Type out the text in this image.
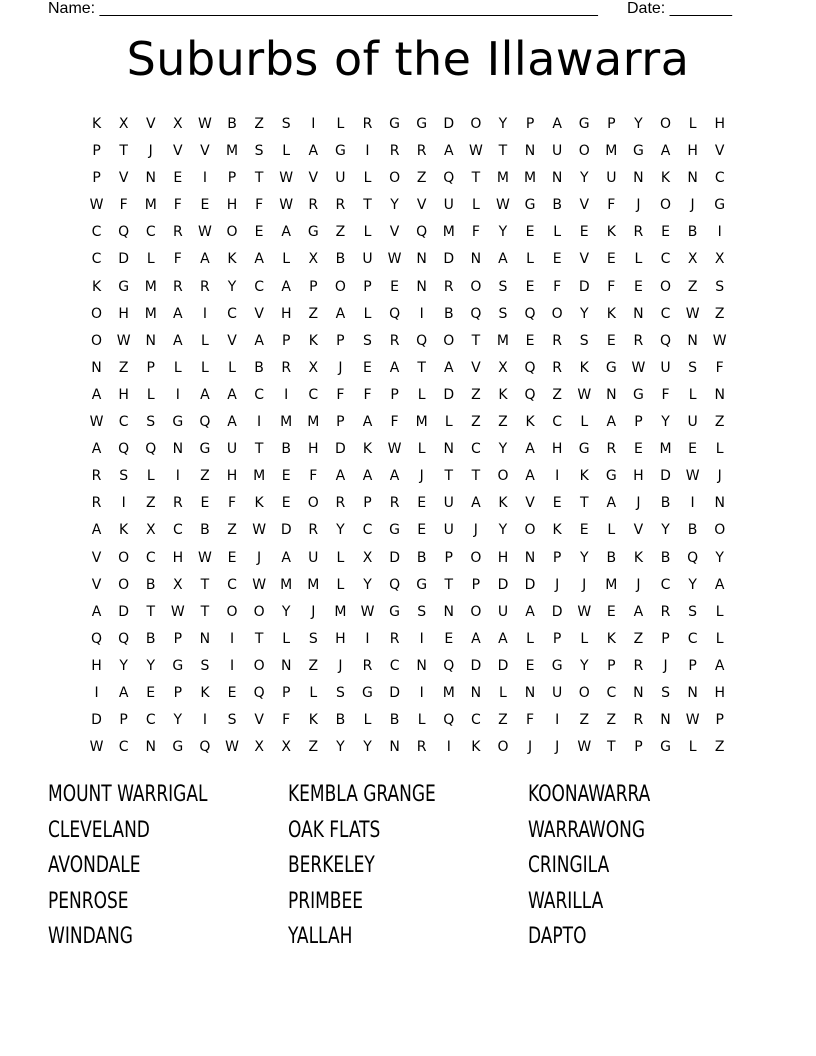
Name: ________________________________________________________ Date: _______
Suburbs of the Illawarra
K	X	V	X	W	B	Z	S	I	L	R	G	G	D	O	Y	P	A	G	P	Y	O	L	H
P	T	J	V	V	M	S	L	A	G	I	R	R	A	W	T	N	U	O	M	G	A	H	V
P	V	N	E	I	P	T	W	V	U	L	O	Z	Q	T	M	M	N	Y	U	N	K	N	C
W	F	M	F	E	H	F	W	R	R	T	Y	V	U	L	W	G	B	V	F	J	O	J	G
C	Q	C	R	W	O	E	A	G	Z	L	V	Q	M	F	Y	E	L	E	K	R	E	B	I
C	D	L	F	A	K	A	L	X	B	U	W	N	D	N	A	L	E	V	E	L	C	X	X
K	G	M	R	R	Y	C	A	P	O	P	E	N	R	O	S	E	F	D	F	E	O	Z	S
O	H	M	A	I	C	V	H	Z	A	L	Q	I	B	Q	S	Q	O	Y	K	N	C	W	Z
O	W	N	A	L	V	A	P	K	P	S	R	Q	O	T	M	E	R	S	E	R	Q	N	W
N	Z	P	L	L	L	B	R	X	J	E	A	T	A	V	X	Q	R	K	G	W	U	S	F
A	H	L	I	A	A	C	I	C	F	F	P	L	D	Z	K	Q	Z	W	N	G	F	L	N
W	C	S	G	Q	A	I	M	M	P	A	F	M	L	Z	Z	K	C	L	A	P	Y	U	Z
A	Q	Q	N	G	U	T	B	H	D	K	W	L	N	C	Y	A	H	G	R	E	M	E	L
R	S	L	I	Z	H	M	E	F	A	A	A	J	T	T	O	A	I	K	G	H	D	W	J
R	I	Z	R	E	F	K	E	O	R	P	R	E	U	A	K	V	E	T	A	J	B	I	N
A	K	X	C	B	Z	W	D	R	Y	C	G	E	U	J	Y	O	K	E	L	V	Y	B	O
V	O	C	H	W	E	J	A	U	L	X	D	B	P	O	H	N	P	Y	B	K	B	Q	Y
V	O	B	X	T	C	W	M	M	L	Y	Q	G	T	P	D	D	J	J	M	J	C	Y	A
A	D	T	W	T	O	O	Y	J	M	W	G	S	N	O	U	A	D	W	E	A	R	S	L
Q	Q	B	P	N	I	T	L	S	H	I	R	I	E	A	A	L	P	L	K	Z	P	C	L
H	Y	Y	G	S	I	O	N	Z	J	R	C	N	Q	D	D	E	G	Y	P	R	J	P	A
I	A	E	P	K	E	Q	P	L	S	G	D	I	M	N	L	N	U	O	C	N	S	N	H
D	P	C	Y	I	S	V	F	K	B	L	B	L	Q	C	Z	F	I	Z	Z	R	N	W	P
W	C	N	G	Q	W	X	X	Z	Y	Y	N	R	I	K	O	J	J	W	T	P	G	L	Z
MOUNT WARRIGAL	KEMBLA GRANGE	KOONAWARRA
CLEVELAND	OAK FLATS	WARRAWONG
AVONDALE	BERKELEY	CRINGILA
PENROSE	PRIMBEE	WARILLA
WINDANG	YALLAH	DAPTO
